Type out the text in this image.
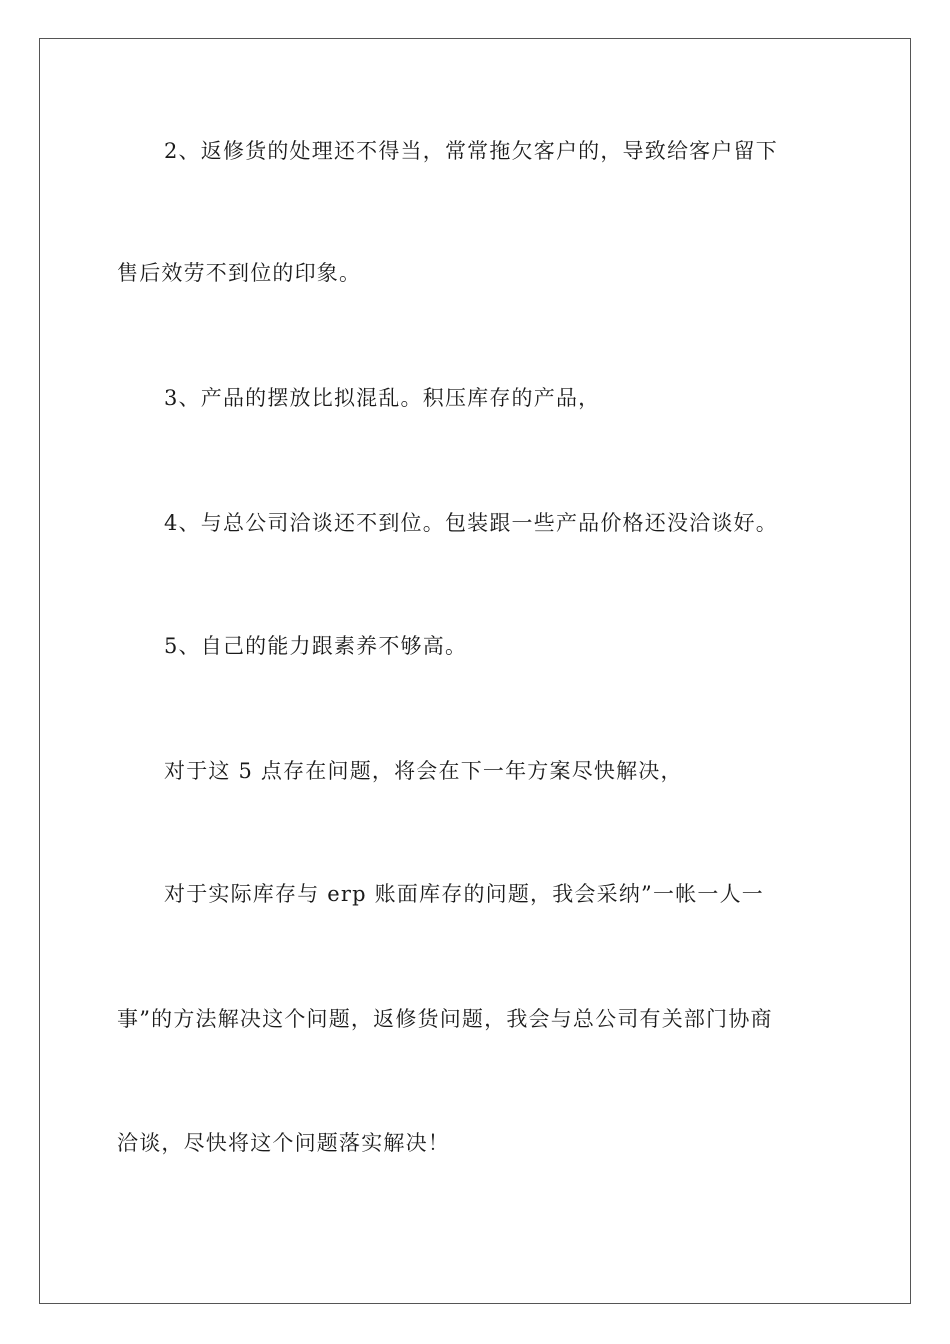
2、返修货的处理还不得当，常常拖欠客户的，导致给客户留下

售后效劳不到位的印象。

3、产品的摆放比拟混乱。积压库存的产品，

4、与总公司洽谈还不到位。包装跟一些产品价格还没洽谈好。

5、自己的能力跟素养不够高。

对于这 5 点存在问题，将会在下一年方案尽快解决，

对于实际库存与 erp 账面库存的问题，我会采纳”一帐一人一

事”的方法解决这个问题，返修货问题，我会与总公司有关部门协商

洽谈，尽快将这个问题落实解决！
